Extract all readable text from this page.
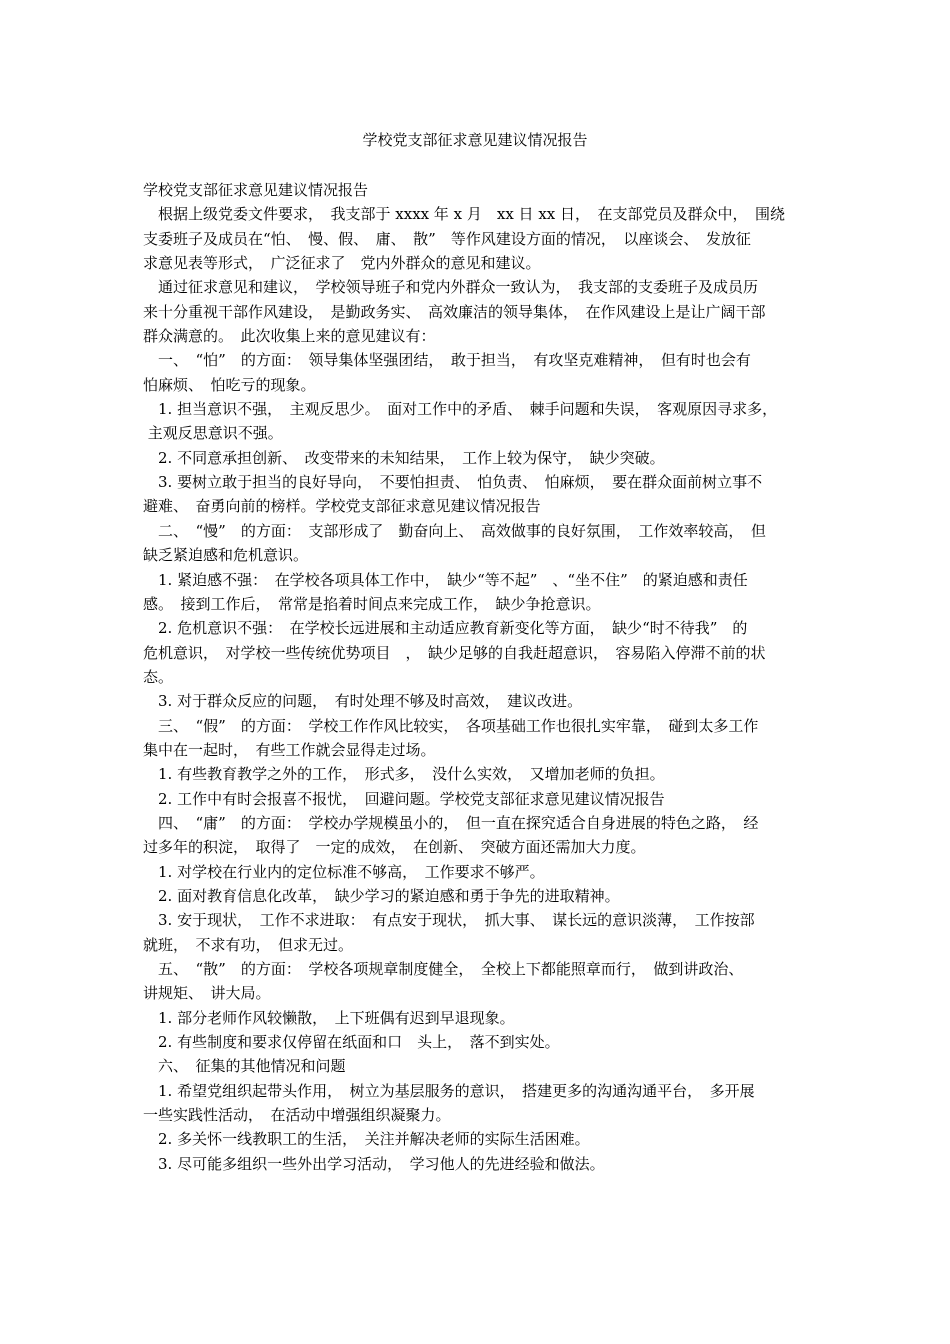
学校党支部征求意见建议情况报告
学校党支部征求意见建议情况报告
　根据上级党委文件要求，　我支部于 xxxx 年 x 月　xx 日 xx 日，　在支部党员及群众中，　围绕
支委班子及成员在“怕、　慢、假、　庸、　散”　等作风建设方面的情况，　以座谈会、　发放征
求意见表等形式，　广泛征求了　党内外群众的意见和建议。
　通过征求意见和建议，　学校领导班子和党内外群众一致认为，　我支部的支委班子及成员历
来十分重视干部作风建设，　是勤政务实、　高效廉洁的领导集体，　在作风建设上是让广阔干部
群众满意的。　此次收集上来的意见建议有：
　一、　“怕”　的方面：　领导集体坚强团结，　敢于担当，　有攻坚克难精神，　但有时也会有
怕麻烦、　怕吃亏的现象。
　1. 担当意识不强，　主观反思少。　面对工作中的矛盾、　棘手问题和失误，　客观原因寻求多，
主观反思意识不强。
　2. 不同意承担创新、　改变带来的未知结果，　工作上较为保守，　缺少突破。
　3. 要树立敢于担当的良好导向，　不要怕担责、　怕负责、　怕麻烦，　要在群众面前树立事不
避难、　奋勇向前的榜样。学校党支部征求意见建议情况报告
　二、　“慢”　的方面：　支部形成了　勤奋向上、　高效做事的良好氛围，　工作效率较高，　但
缺乏紧迫感和危机意识。
　1. 紧迫感不强：　在学校各项具体工作中，　缺少“等不起”　、“坐不住”　的紧迫感和责任
感。　接到工作后，　常常是掐着时间点来完成工作，　缺少争抢意识。
　2. 危机意识不强：　在学校长远进展和主动适应教育新变化等方面，　缺少“时不待我”　的
危机意识，　对学校一些传统优势项目　，　缺少足够的自我赶超意识，　容易陷入停滞不前的状
态。
　3. 对于群众反应的问题，　有时处理不够及时高效，　建议改进。
　三、　“假”　的方面：　学校工作作风比较实，　各项基础工作也很扎实牢靠，　碰到太多工作
集中在一起时，　有些工作就会显得走过场。
　1. 有些教育教学之外的工作，　形式多，　没什么实效，　又增加老师的负担。
　2. 工作中有时会报喜不报忧，　回避问题。学校党支部征求意见建议情况报告
　四、　“庸”　的方面：　学校办学规模虽小的，　但一直在探究适合自身进展的特色之路，　经
过多年的积淀，　取得了　一定的成效，　在创新、　突破方面还需加大力度。
　1. 对学校在行业内的定位标准不够高，　工作要求不够严。
　2. 面对教育信息化改革，　缺少学习的紧迫感和勇于争先的进取精神。
　3. 安于现状，　工作不求进取：　有点安于现状，　抓大事、　谋长远的意识淡薄，　工作按部
就班，　不求有功，　但求无过。
　五、　“散”　的方面：　学校各项规章制度健全，　全校上下都能照章而行，　做到讲政治、
讲规矩、　讲大局。
　1. 部分老师作风较懒散，　上下班偶有迟到早退现象。
　2. 有些制度和要求仅停留在纸面和口　头上，　落不到实处。
　六、　征集的其他情况和问题
　1. 希望党组织起带头作用，　树立为基层服务的意识，　搭建更多的沟通沟通平台，　多开展
一些实践性活动，　在活动中增强组织凝聚力。
　2. 多关怀一线教职工的生活，　关注并解决老师的实际生活困难。
　3. 尽可能多组织一些外出学习活动，　学习他人的先进经验和做法。
